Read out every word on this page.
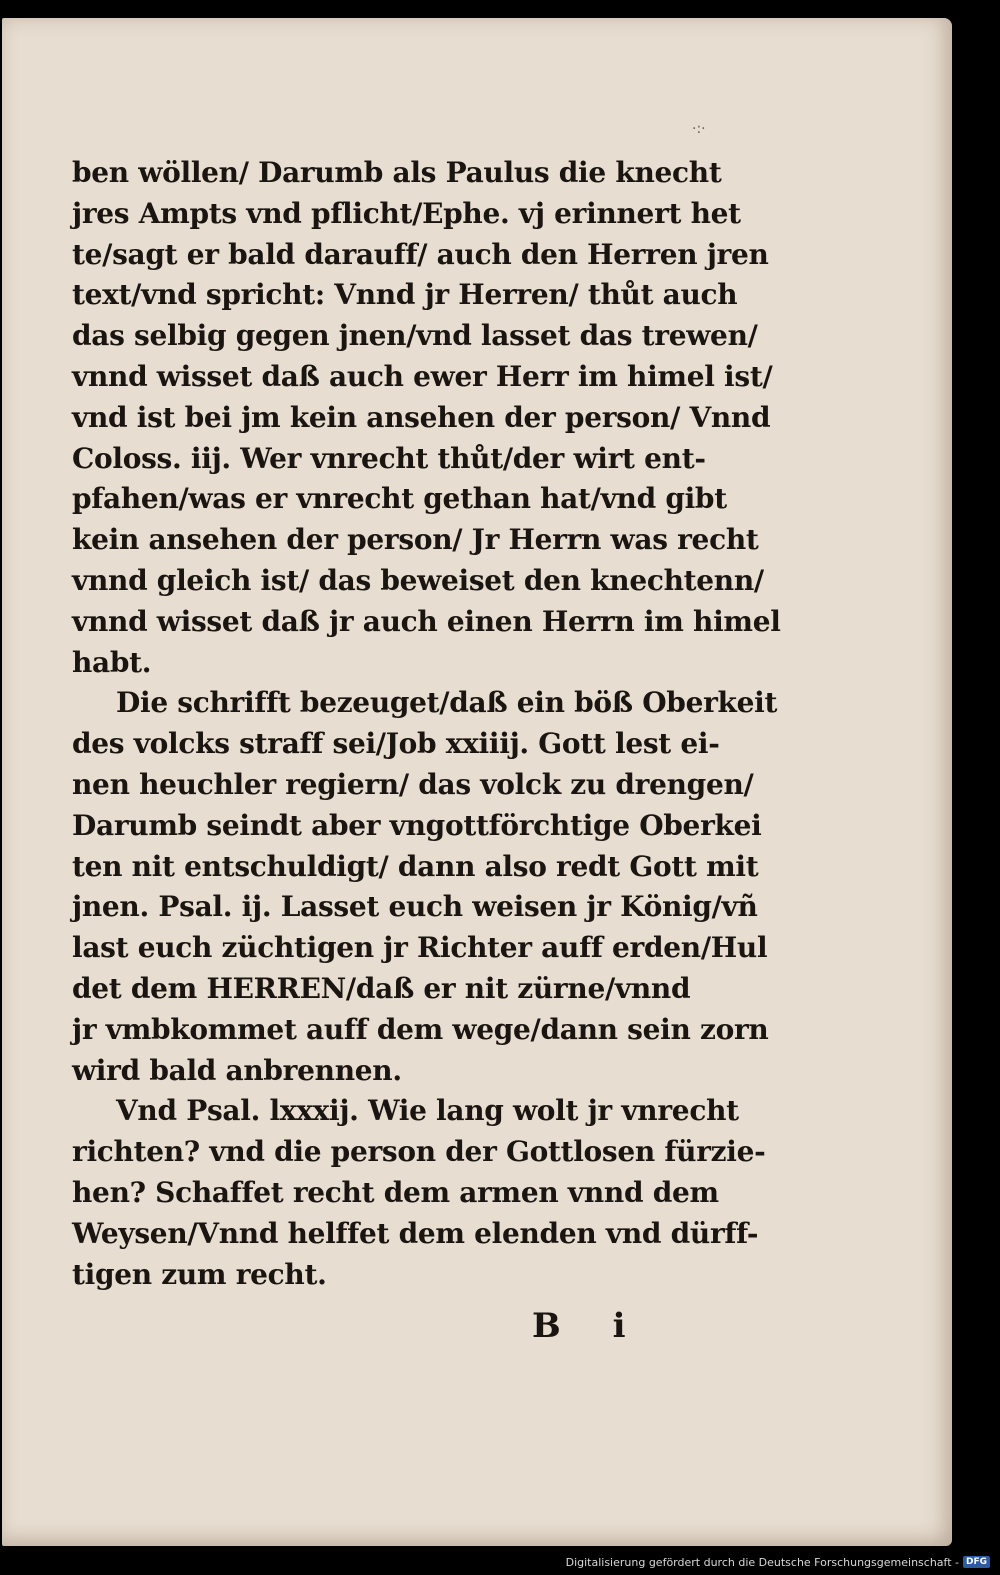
·:·
ben wöllen/ Darumb als Paulus die knecht
jres Ampts vnd pflicht/Ephe. vj erinnert het
te/sagt er bald darauff/ auch den Herren jren
text/vnd spricht: Vnnd jr Herren/ thůt auch
das selbig gegen jnen/vnd lasset das trewen/
vnnd wisset daß auch ewer Herr im himel ist/
vnd ist bei jm kein ansehen der person/ Vnnd
Coloss. iij. Wer vnrecht thůt/der wirt ent-
pfahen/was er vnrecht gethan hat/vnd gibt
kein ansehen der person/ Jr Herrn was recht
vnnd gleich ist/ das beweiset den knechtenn/
vnnd wisset daß jr auch einen Herrn im himel
habt.
Die schrifft bezeuget/daß ein böß Oberkeit
des volcks straff sei/Job xxiiij. Gott lest ei-
nen heuchler regiern/ das volck zu drengen/
Darumb seindt aber vngottförchtige Oberkei
ten nit entschuldigt/ dann also redt Gott mit
jnen. Psal. ij. Lasset euch weisen jr König/vñ
last euch züchtigen jr Richter auff erden/Hul
det dem HERREN/daß er nit zürne/vnnd
jr vmbkommet auff dem wege/dann sein zorn
wird bald anbrennen.
Vnd Psal. lxxxij. Wie lang wolt jr vnrecht
richten? vnd die person der Gottlosen fürzie-
hen? Schaffet recht dem armen vnnd dem
Weysen/Vnnd helffet dem elenden vnd dürff-
tigen zum recht.
B i
Digitalisierung gefördert durch die Deutsche Forschungsgemeinschaft - DFG
